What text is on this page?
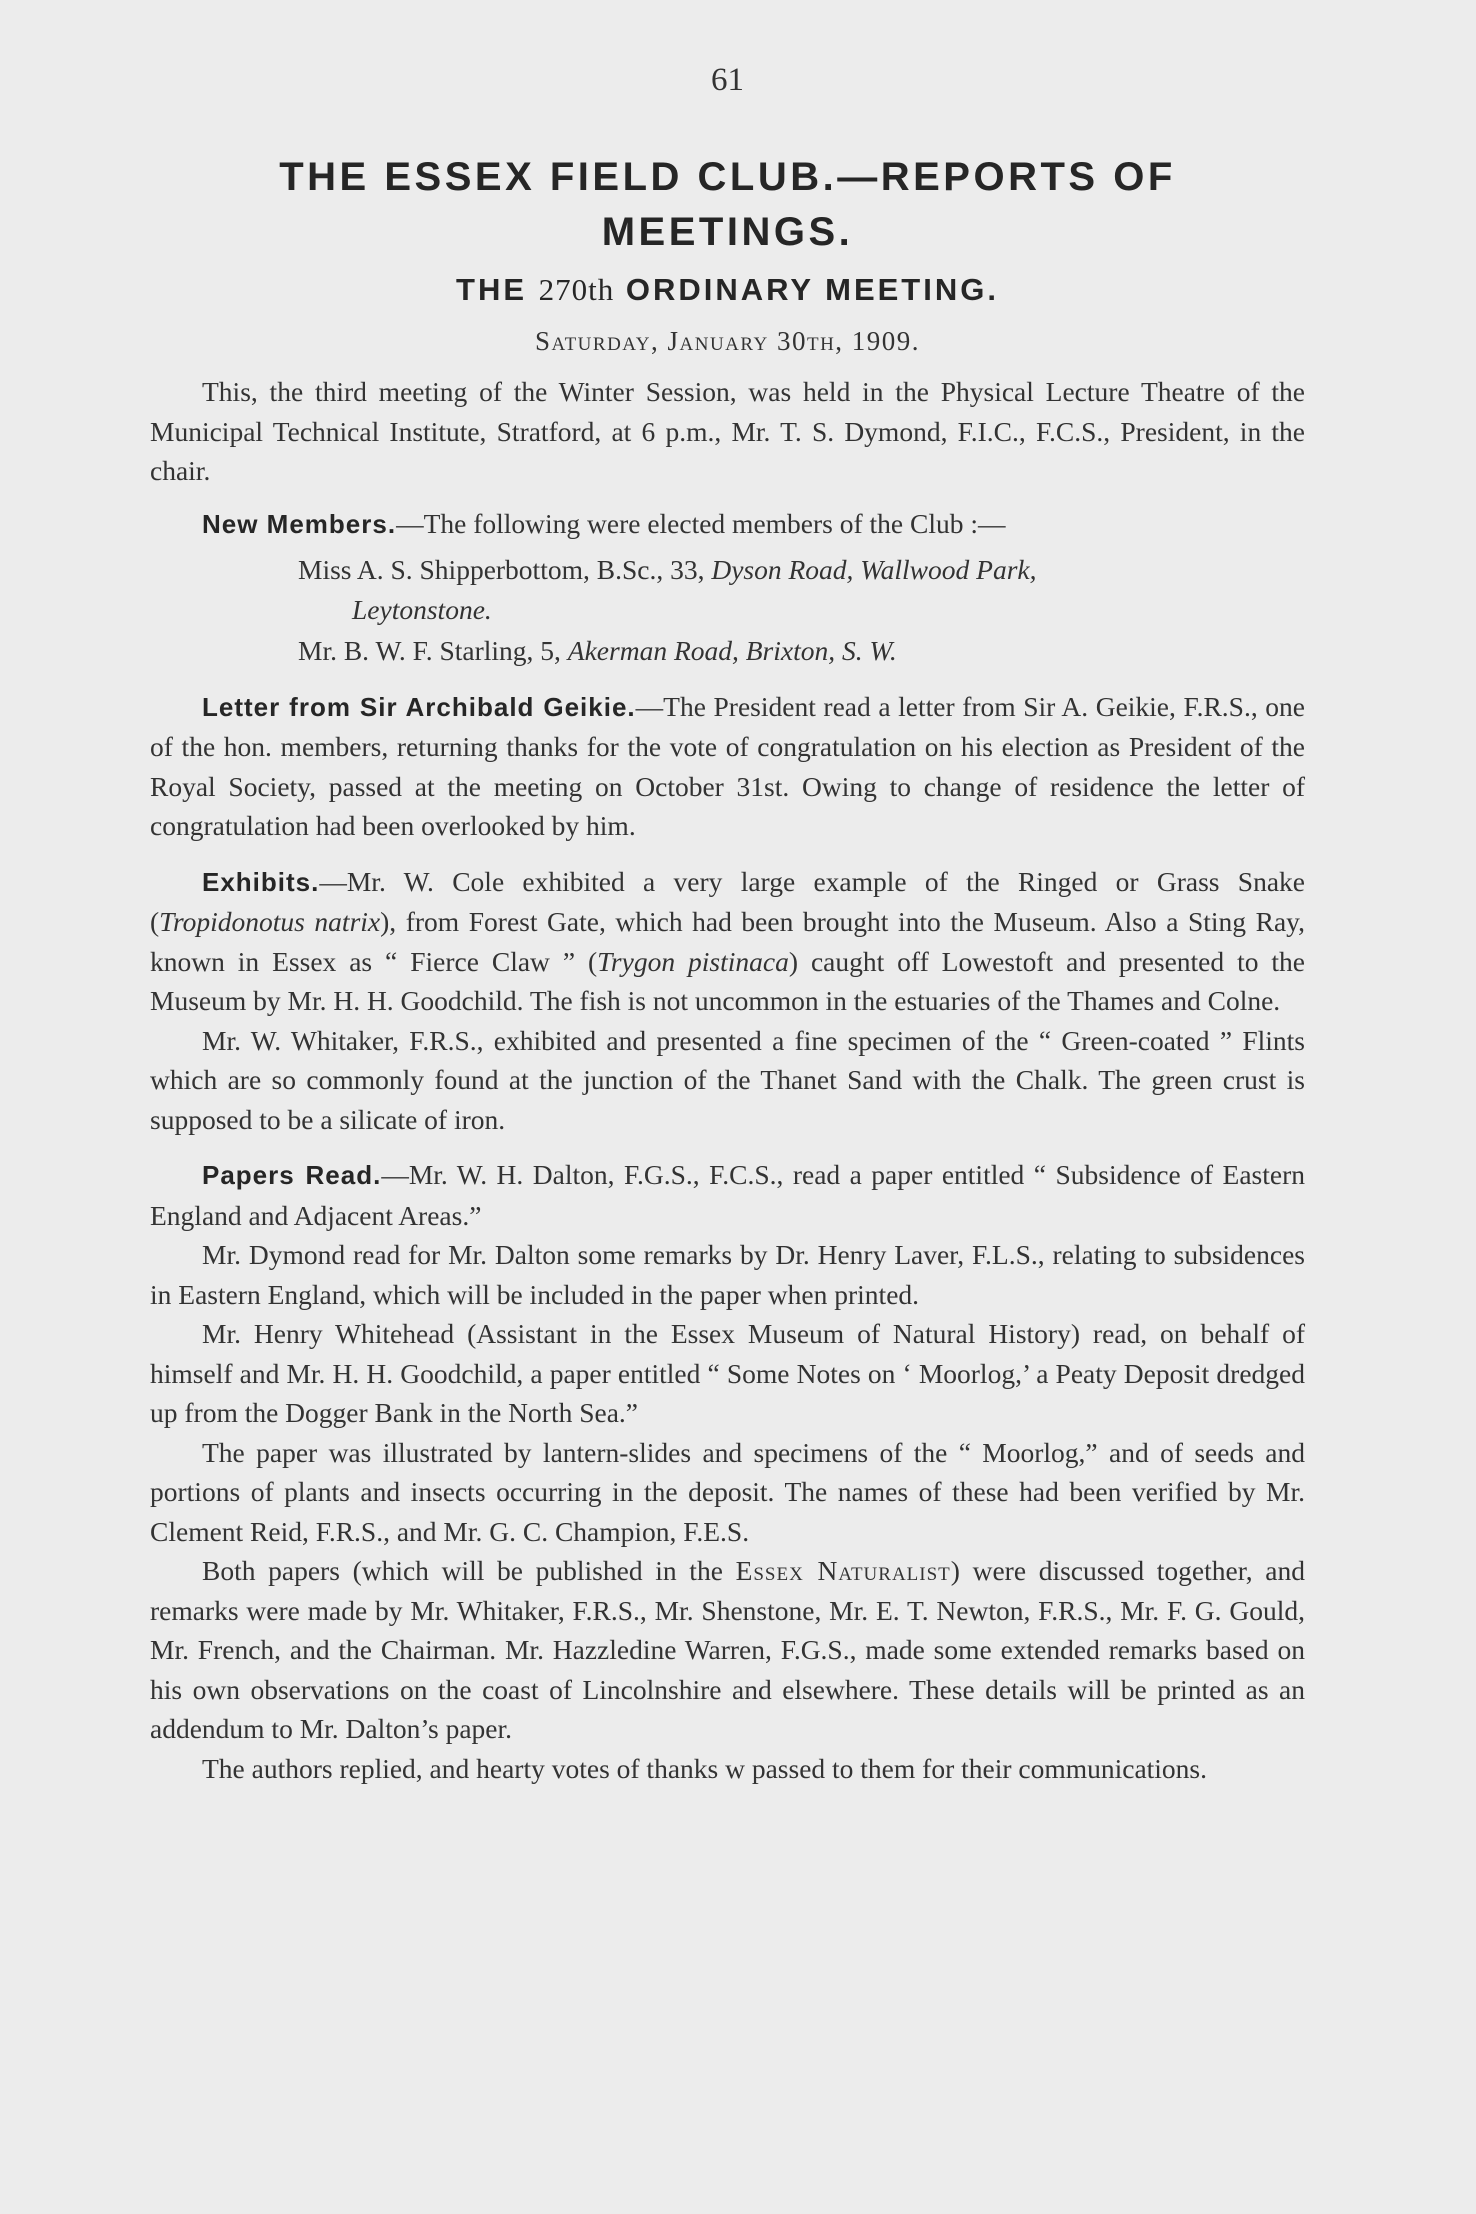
61
THE ESSEX FIELD CLUB.—REPORTS OF MEETINGS.
THE 270th ORDINARY MEETING.
Saturday, January 30th, 1909.

This, the third meeting of the Winter Session, was held in the Physical Lecture Theatre of the Municipal Technical Institute, Stratford, at 6 p.m., Mr. T. S. Dymond, F.I.C., F.C.S., President, in the chair.

New Members.—The following were elected members of the Club :—

Miss A. S. Shipperbottom, B.Sc., 33, Dyson Road, Wallwood Park,
Leytonstone.

Mr. B. W. F. Starling, 5, Akerman Road, Brixton, S. W.

Letter from Sir Archibald Geikie.—The President read a letter from Sir A. Geikie, F.R.S., one of the hon. members, returning thanks for the vote of congratulation on his election as President of the Royal Society, passed at the meeting on October 31st. Owing to change of residence the letter of congratulation had been overlooked by him.

Exhibits.—Mr. W. Cole exhibited a very large example of the Ringed or Grass Snake (Tropidonotus natrix), from Forest Gate, which had been brought into the Museum. Also a Sting Ray, known in Essex as “ Fierce Claw ” (Trygon pistinaca) caught off Lowestoft and presented to the Museum by Mr. H. H. Goodchild. The fish is not uncommon in the estuaries of the Thames and Colne.

Mr. W. Whitaker, F.R.S., exhibited and presented a fine specimen of the “ Green-coated ” Flints which are so commonly found at the junction of the Thanet Sand with the Chalk. The green crust is supposed to be a silicate of iron.

Papers Read.—Mr. W. H. Dalton, F.G.S., F.C.S., read a paper entitled “ Subsidence of Eastern England and Adjacent Areas.”

Mr. Dymond read for Mr. Dalton some remarks by Dr. Henry Laver, F.L.S., relating to subsidences in Eastern England, which will be included in the paper when printed.

Mr. Henry Whitehead (Assistant in the Essex Museum of Natural History) read, on behalf of himself and Mr. H. H. Goodchild, a paper entitled “ Some Notes on ‘ Moorlog,’ a Peaty Deposit dredged up from the Dogger Bank in the North Sea.”

The paper was illustrated by lantern-slides and specimens of the “ Moorlog,” and of seeds and portions of plants and insects occurring in the deposit. The names of these had been verified by Mr. Clement Reid, F.R.S., and Mr. G. C. Champion, F.E.S.

Both papers (which will be published in the Essex Naturalist) were discussed together, and remarks were made by Mr. Whitaker, F.R.S., Mr. Shenstone, Mr. E. T. Newton, F.R.S., Mr. F. G. Gould, Mr. French, and the Chairman. Mr. Hazzledine Warren, F.G.S., made some extended remarks based on his own observations on the coast of Lincolnshire and elsewhere. These details will be printed as an addendum to Mr. Dalton’s paper.

The authors replied, and hearty votes of thanks w passed to them for their communications.
